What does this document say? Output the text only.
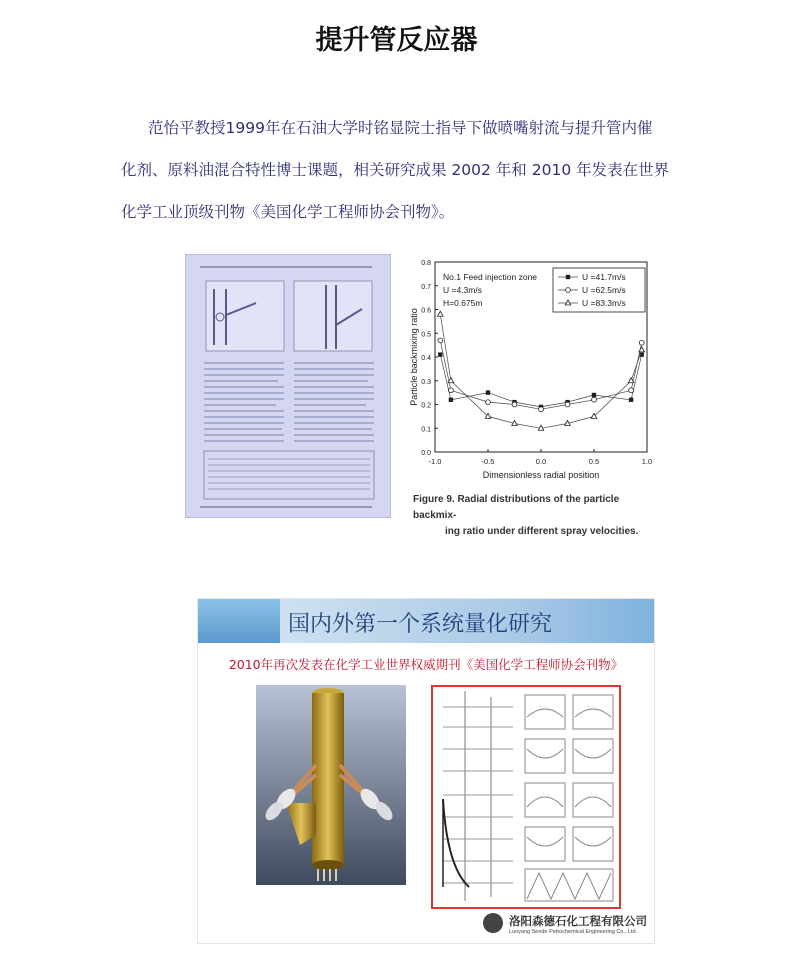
提升管反应器
范怡平教授1999年在石油大学时铭显院士指导下做喷嘴射流与提升管内催
化剂、原料油混合特性博士课题，相关研究成果 2002 年和 2010 年发表在世界
化学工业顶级刊物《美国化学工程师协会刊物》。
0.0
0.1
0.2
0.3
0.4
0.5
0.6
0.7
0.8
-1.0	-0.5	0.0	0.5	1.0
Dimensionless radial position
Particle backmixing ratio
No.1 Feed injection zone
U =4.3m/s
H=0.675m
U =41.7m/s
U =62.5m/s
U =83.3m/s
Figure 9. Radial distributions of the particle backmix-
ing ratio under different spray velocities.
国内外第一个系统量化研究
2010年再次发表在化学工业世界权威期刊《美国化学工程师协会刊物》
洛阳森德石化工程有限公司
Luoyang Sende Petrochemical Engineering Co., Ltd.
